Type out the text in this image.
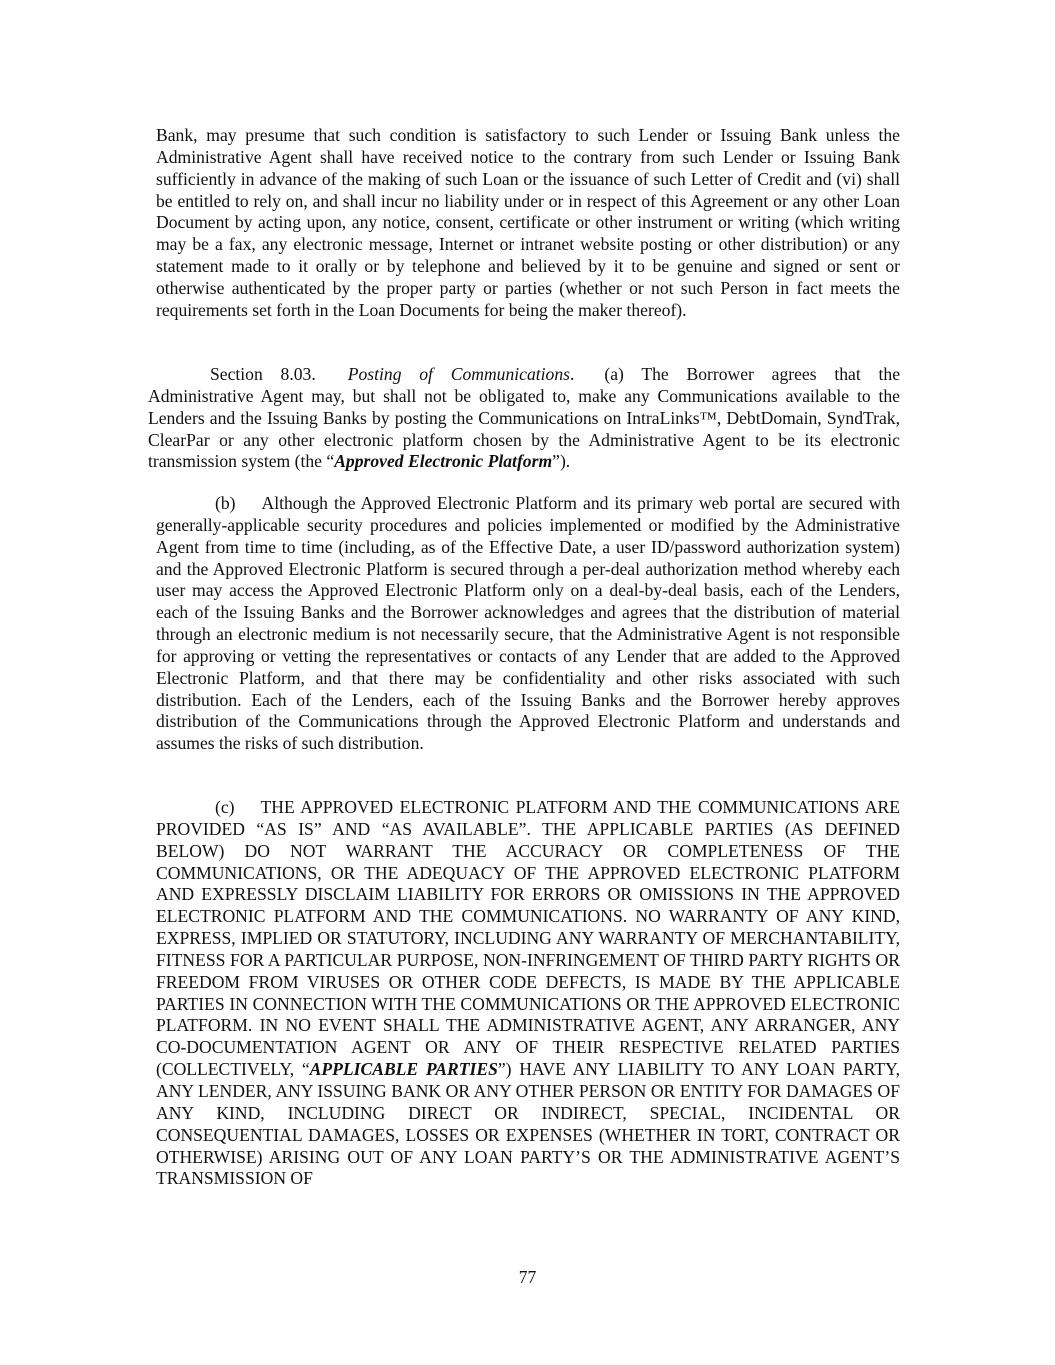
Bank, may presume that such condition is satisfactory to such Lender or Issuing Bank unless the Administrative Agent shall have received notice to the contrary from such Lender or Issuing Bank sufficiently in advance of the making of such Loan or the issuance of such Letter of Credit and (vi) shall be entitled to rely on, and shall incur no liability under or in respect of this Agreement or any other Loan Document by acting upon, any notice, consent, certificate or other instrument or writing (which writing may be a fax, any electronic message, Internet or intranet website posting or other distribution) or any statement made to it orally or by telephone and believed by it to be genuine and signed or sent or otherwise authenticated by the proper party or parties (whether or not such Person in fact meets the requirements set forth in the Loan Documents for being the maker thereof).

Section 8.03. Posting of Communications. (a) The Borrower agrees that the Administrative Agent may, but shall not be obligated to, make any Communications available to the Lenders and the Issuing Banks by posting the Communications on IntraLinks™, DebtDomain, SyndTrak, ClearPar or any other electronic platform chosen by the Administrative Agent to be its electronic transmission system (the “Approved Electronic Platform”).

(b) Although the Approved Electronic Platform and its primary web portal are secured with generally-applicable security procedures and policies implemented or modified by the Administrative Agent from time to time (including, as of the Effective Date, a user ID/password authorization system) and the Approved Electronic Platform is secured through a per-deal authorization method whereby each user may access the Approved Electronic Platform only on a deal-by-deal basis, each of the Lenders, each of the Issuing Banks and the Borrower acknowledges and agrees that the distribution of material through an electronic medium is not necessarily secure, that the Administrative Agent is not responsible for approving or vetting the representatives or contacts of any Lender that are added to the Approved Electronic Platform, and that there may be confidentiality and other risks associated with such distribution. Each of the Lenders, each of the Issuing Banks and the Borrower hereby approves distribution of the Communications through the Approved Electronic Platform and understands and assumes the risks of such distribution.

(c) THE APPROVED ELECTRONIC PLATFORM AND THE COMMUNICATIONS ARE PROVIDED “AS IS” AND “AS AVAILABLE”. THE APPLICABLE PARTIES (AS DEFINED BELOW) DO NOT WARRANT THE ACCURACY OR COMPLETENESS OF THE COMMUNICATIONS, OR THE ADEQUACY OF THE APPROVED ELECTRONIC PLATFORM AND EXPRESSLY DISCLAIM LIABILITY FOR ERRORS OR OMISSIONS IN THE APPROVED ELECTRONIC PLATFORM AND THE COMMUNICATIONS. NO WARRANTY OF ANY KIND, EXPRESS, IMPLIED OR STATUTORY, INCLUDING ANY WARRANTY OF MERCHANTABILITY, FITNESS FOR A PARTICULAR PURPOSE, NON-INFRINGEMENT OF THIRD PARTY RIGHTS OR FREEDOM FROM VIRUSES OR OTHER CODE DEFECTS, IS MADE BY THE APPLICABLE PARTIES IN CONNECTION WITH THE COMMUNICATIONS OR THE APPROVED ELECTRONIC PLATFORM. IN NO EVENT SHALL THE ADMINISTRATIVE AGENT, ANY ARRANGER, ANY CO-DOCUMENTATION AGENT OR ANY OF THEIR RESPECTIVE RELATED PARTIES (COLLECTIVELY, “APPLICABLE PARTIES”) HAVE ANY LIABILITY TO ANY LOAN PARTY, ANY LENDER, ANY ISSUING BANK OR ANY OTHER PERSON OR ENTITY FOR DAMAGES OF ANY KIND, INCLUDING DIRECT OR INDIRECT, SPECIAL, INCIDENTAL OR CONSEQUENTIAL DAMAGES, LOSSES OR EXPENSES (WHETHER IN TORT, CONTRACT OR OTHERWISE) ARISING OUT OF ANY LOAN PARTY’S OR THE ADMINISTRATIVE AGENT’S TRANSMISSION OF

77
